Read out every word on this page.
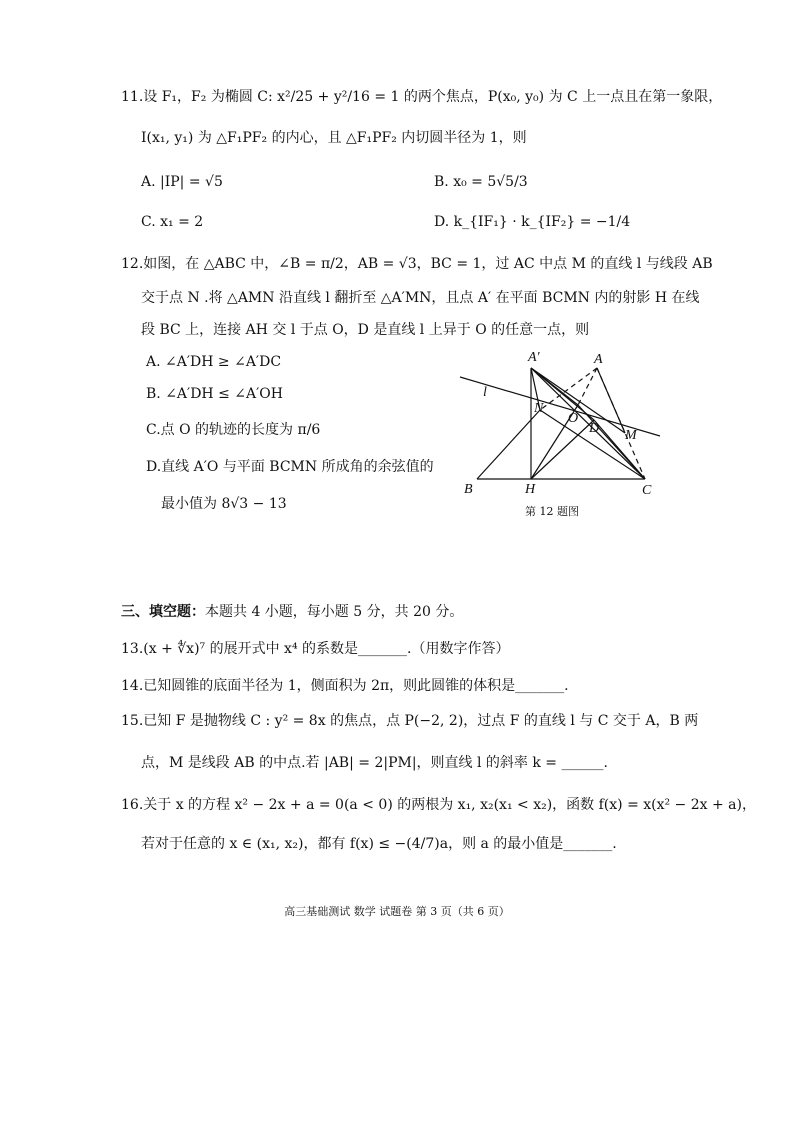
11.设 F₁，F₂ 为椭圆 C: x²/25 + y²/16 = 1 的两个焦点，P(x₀, y₀) 为 C 上一点且在第一象限，
I(x₁, y₁) 为 △F₁PF₂ 的内心，且 △F₁PF₂ 内切圆半径为 1，则
A. |IP| = √5	B. x₀ = 5√5/3
C. x₁ = 2	D. k_{IF₁} · k_{IF₂} = −1/4
12.如图，在 △ABC 中，∠B = π/2，AB = √3，BC = 1，过 AC 中点 M 的直线 l 与线段 AB
交于点 N .将 △AMN 沿直线 l 翻折至 △A′MN，且点 A′ 在平面 BCMN 内的射影 H 在线
段 BC 上，连接 AH 交 l 于点 O，D 是直线 l 上异于 O 的任意一点，则
A. ∠A′DH ≥ ∠A′DC
B. ∠A′DH ≤ ∠A′OH
C.点 O 的轨迹的长度为 π/6
D.直线 A′O 与平面 BCMN 所成角的余弦值的
最小值为 8√3 − 13
A′	A
l
N
O
D M
B	H	C
第 12 题图
三、填空题：本题共 4 小题，每小题 5 分，共 20 分。
13.(x + ∜x)⁷ 的展开式中 x⁴ 的系数是_______.（用数字作答）
14.已知圆锥的底面半径为 1，侧面积为 2π，则此圆锥的体积是_______.
15.已知 F 是抛物线 C : y² = 8x 的焦点，点 P(−2, 2)，过点 F 的直线 l 与 C 交于 A，B 两
点，M 是线段 AB 的中点.若 |AB| = 2|PM|，则直线 l 的斜率 k = ______.
16.关于 x 的方程 x² − 2x + a = 0(a < 0) 的两根为 x₁, x₂(x₁ < x₂)，函数 f(x) = x(x² − 2x + a)，
若对于任意的 x ∈ (x₁, x₂)，都有 f(x) ≤ −(4/7)a，则 a 的最小值是_______.
高三基础测试 数学 试题卷 第 3 页（共 6 页）
